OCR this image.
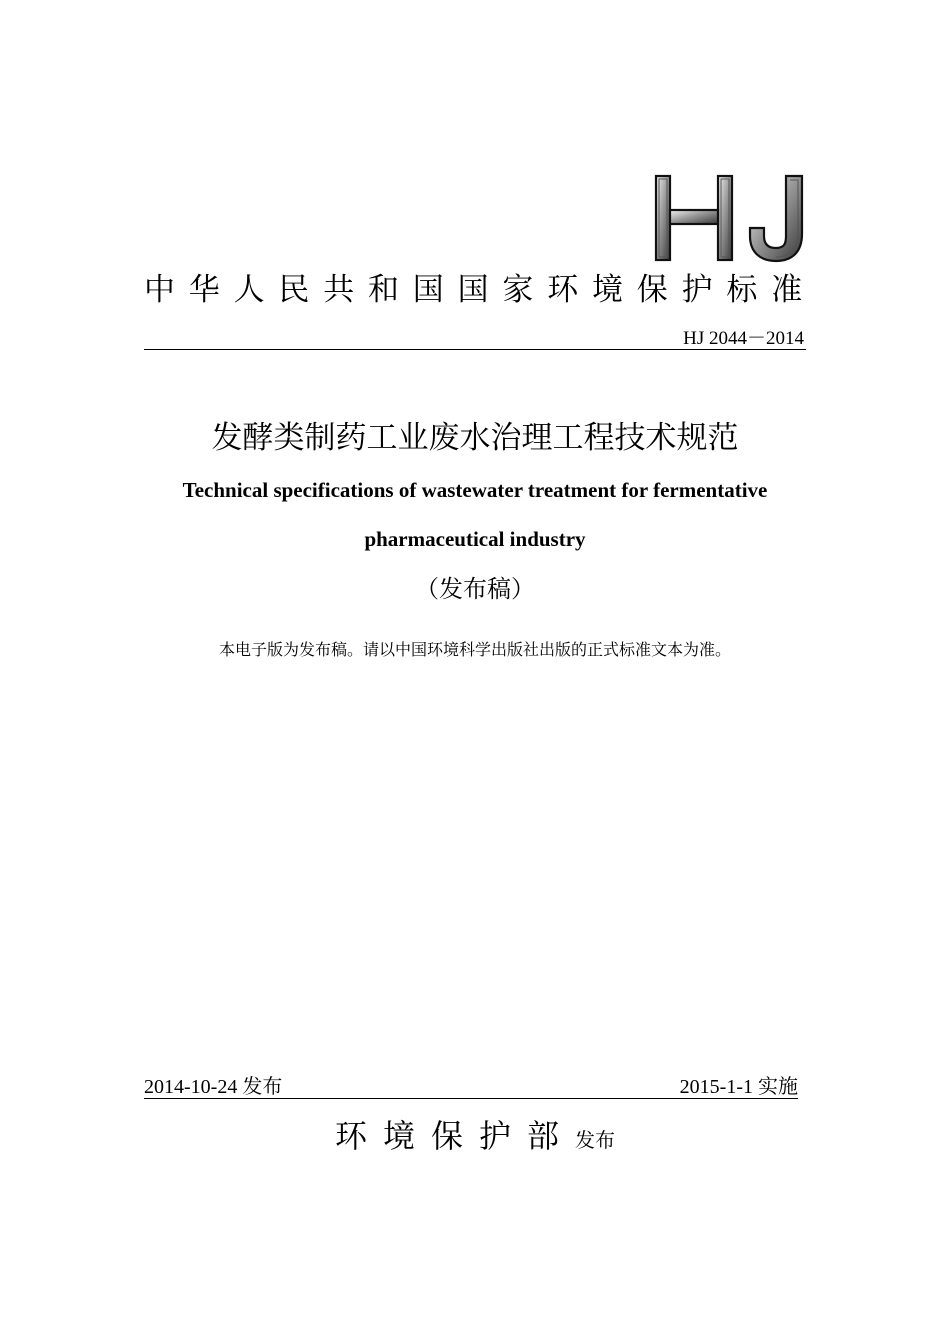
中华人民共和国国家环境保护标准
HJ 2044－2014
发酵类制药工业废水治理工程技术规范
Technical specifications of wastewater treatment for fermentative
pharmaceutical industry
（发布稿）
本电子版为发布稿。请以中国环境科学出版社出版的正式标准文本为准。
2014-10-24 发布	2015-1-1 实施
环境保护部发布
